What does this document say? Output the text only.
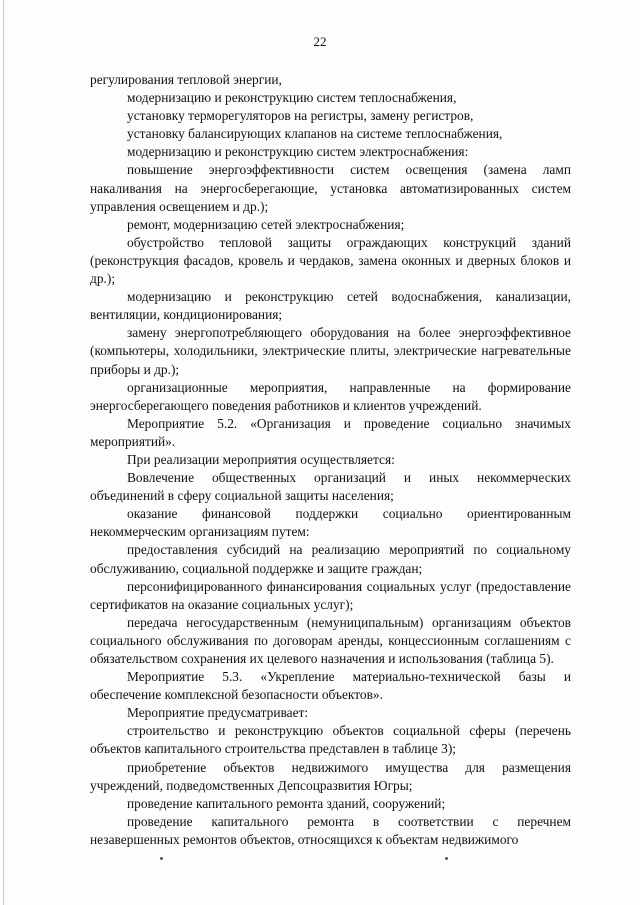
22

регулирования тепловой энергии,

модернизацию и реконструкцию систем теплоснабжения,

установку терморегуляторов на регистры, замену регистров,

установку балансирующих клапанов на системе теплоснабжения,

модернизацию и реконструкцию систем электроснабжения:

повышение энергоэффективности систем освещения (замена ламп накаливания на энергосберегающие, установка автоматизированных систем управления освещением и др.);

ремонт, модернизацию сетей электроснабжения;

обустройство тепловой защиты ограждающих конструкций зданий (реконструкция фасадов, кровель и чердаков, замена оконных и дверных блоков и др.);

модернизацию и реконструкцию сетей водоснабжения, канализации, вентиляции, кондиционирования;

замену энергопотребляющего оборудования на более энергоэффективное (компьютеры, холодильники, электрические плиты, электрические нагревательные приборы и др.);

организационные мероприятия, направленные на формирование энергосберегающего поведения работников и клиентов учреждений.

Мероприятие 5.2. «Организация и проведение социально значимых мероприятий».

При реализации мероприятия осуществляется:

Вовлечение общественных организаций и иных некоммерческих объединений в сферу социальной защиты населения;

оказание финансовой поддержки социально ориентированным некоммерческим организациям путем:

предоставления субсидий на реализацию мероприятий по социальному обслуживанию, социальной поддержке и защите граждан;

персонифицированного финансирования социальных услуг (предоставление сертификатов на оказание социальных услуг);

передача негосударственным (немуниципальным) организациям объектов социального обслуживания по договорам аренды, концессионным соглашениям с обязательством сохранения их целевого назначения и использования (таблица 5).

Мероприятие 5.3. «Укрепление материально-технической базы и обеспечение комплексной безопасности объектов».

Мероприятие предусматривает:

строительство и реконструкцию объектов социальной сферы (перечень объектов капитального строительства представлен в таблице 3);

приобретение объектов недвижимого имущества для размещения учреждений, подведомственных Депсоцразвития Югры;

проведение капитального ремонта зданий, сооружений;

проведение капитального ремонта в соответствии с перечнем незавершенных ремонтов объектов, относящихся к объектам недвижимого
